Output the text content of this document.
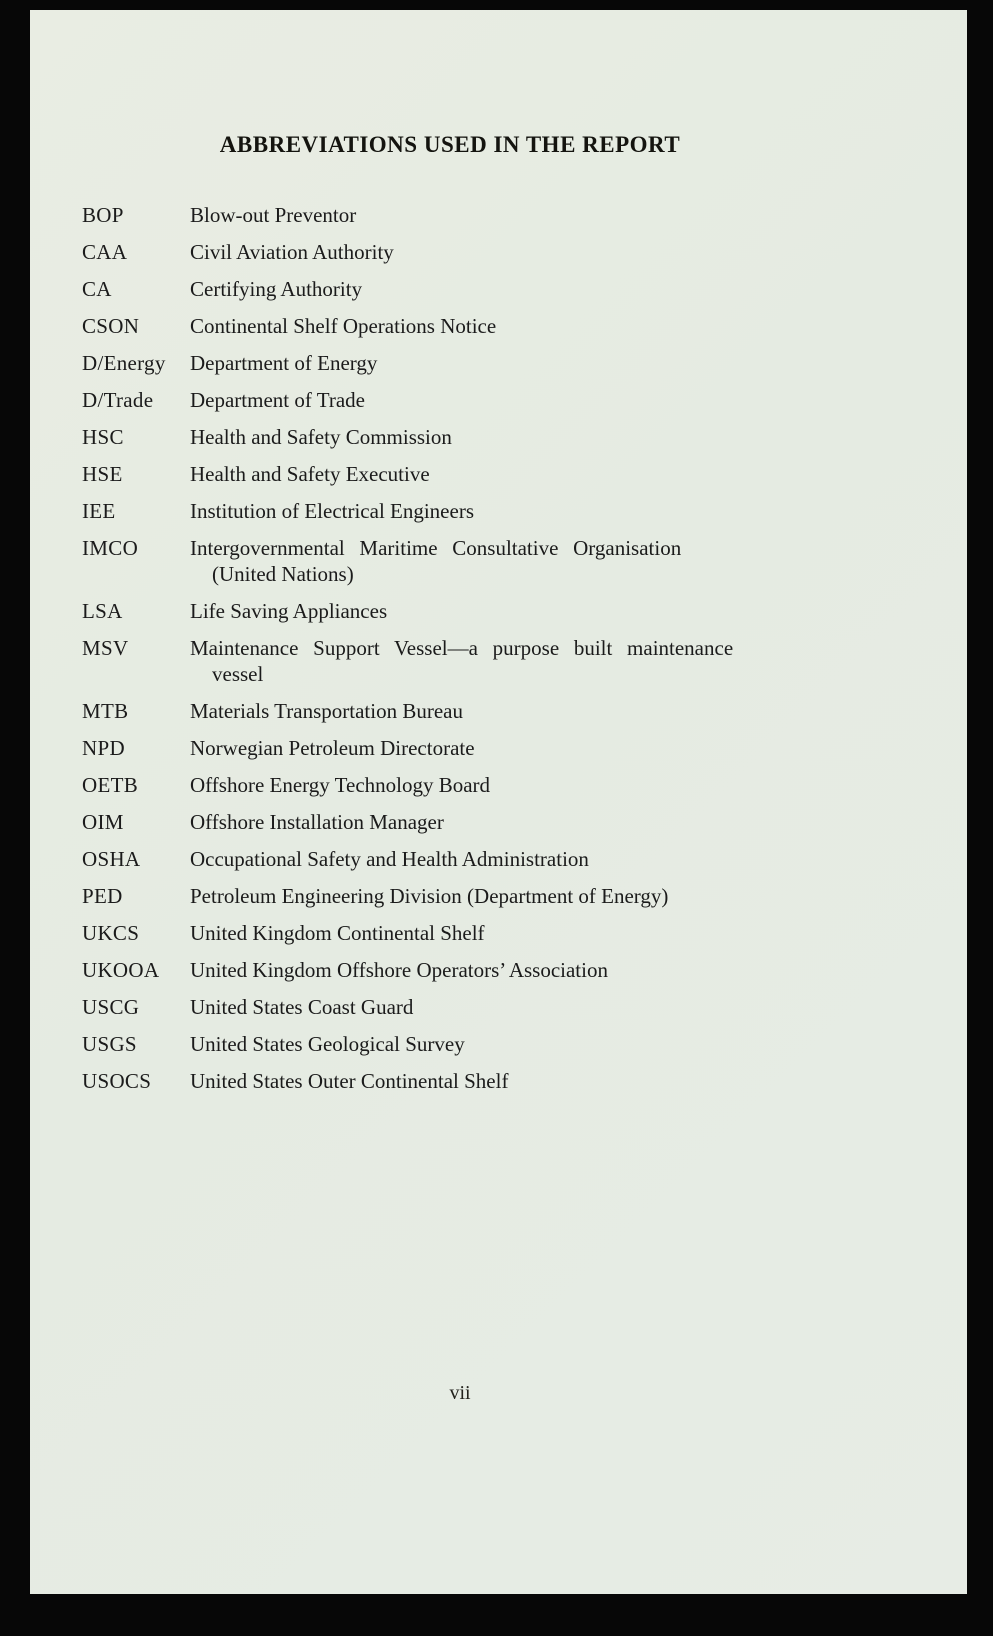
ABBREVIATIONS USED IN THE REPORT
BOP	Blow-out Preventor
CAA	Civil Aviation Authority
CA	Certifying Authority
CSON	Continental Shelf Operations Notice
D/Energy	Department of Energy
D/Trade	Department of Trade
HSC	Health and Safety Commission
HSE	Health and Safety Executive
IEE	Institution of Electrical Engineers
IMCO	Intergovernmental Maritime Consultative Organisation
(United Nations)
LSA	Life Saving Appliances
MSV	Maintenance Support Vessel—a purpose built maintenance
vessel
MTB	Materials Transportation Bureau
NPD	Norwegian Petroleum Directorate
OETB	Offshore Energy Technology Board
OIM	Offshore Installation Manager
OSHA	Occupational Safety and Health Administration
PED	Petroleum Engineering Division (Department of Energy)
UKCS	United Kingdom Continental Shelf
UKOOA	United Kingdom Offshore Operators’ Association
USCG	United States Coast Guard
USGS	United States Geological Survey
USOCS	United States Outer Continental Shelf
vii
